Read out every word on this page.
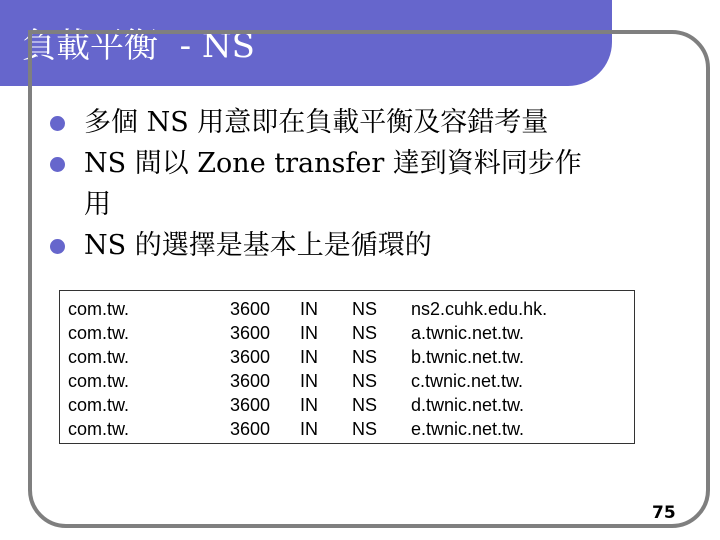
負載平衡  - NS
多個 NS 用意即在負載平衡及容錯考量
NS 間以 Zone transfer 達到資料同步作
用
NS 的選擇是基本上是循環的
com.tw.	3600 IN NS ns2.cuhk.edu.hk.
com.tw.	3600 IN NS a.twnic.net.tw.
com.tw.	3600 IN NS b.twnic.net.tw.
com.tw.	3600 IN NS c.twnic.net.tw.
com.tw.	3600 IN NS d.twnic.net.tw.
com.tw.	3600 IN NS e.twnic.net.tw.
75
